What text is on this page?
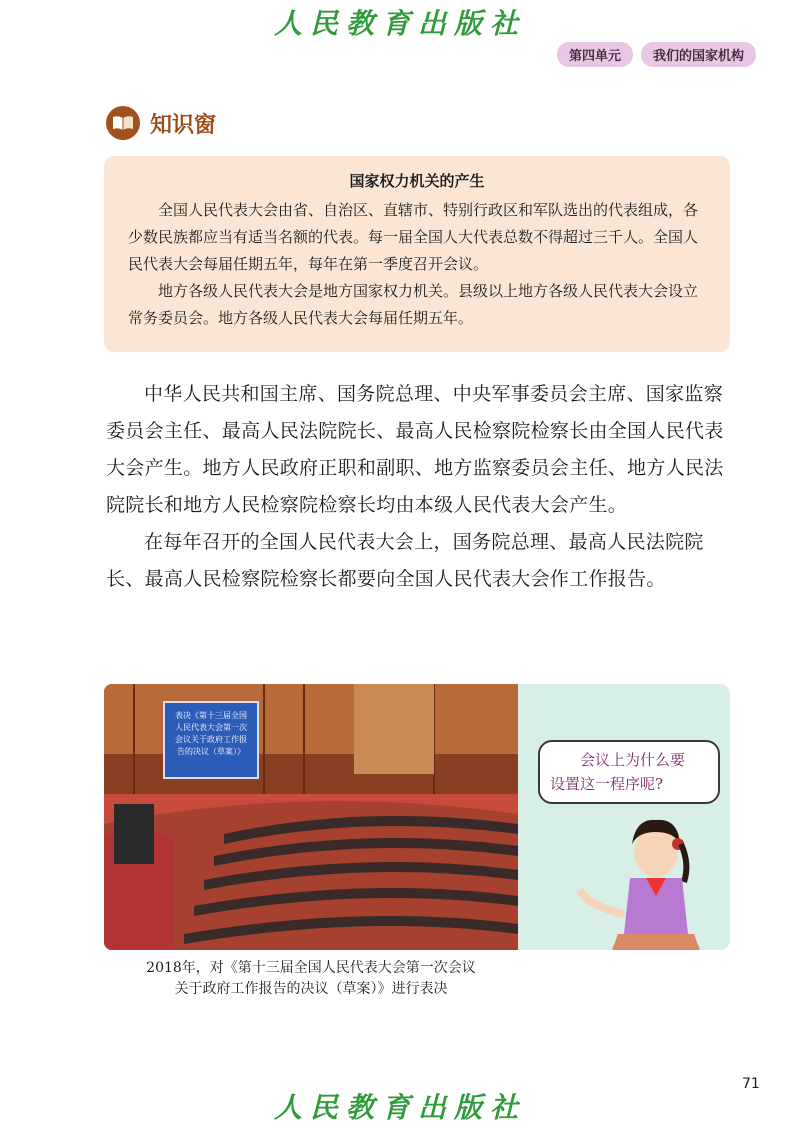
人民教育出版社
第四单元	我们的国家机构
知识窗
国家权力机关的产生

全国人民代表大会由省、自治区、直辖市、特别行政区和军队选出的代表组成，各少数民族都应当有适当名额的代表。每一届全国人大代表总数不得超过三千人。全国人民代表大会每届任期五年，每年在第一季度召开会议。

地方各级人民代表大会是地方国家权力机关。县级以上地方各级人民代表大会设立常务委员会。地方各级人民代表大会每届任期五年。

中华人民共和国主席、国务院总理、中央军事委员会主席、国家监察委员会主任、最高人民法院院长、最高人民检察院检察长由全国人民代表大会产生。地方人民政府正职和副职、地方监察委员会主任、地方人民法院院长和地方人民检察院检察长均由本级人民代表大会产生。

在每年召开的全国人民代表大会上，国务院总理、最高人民法院院长、最高人民检察院检察长都要向全国人民代表大会作工作报告。

表决《第十三届全国
人民代表大会第一次
会议关于政府工作报
告的决议（草案）》	会议上为什么要
设置这一程序呢?
2018年，对《第十三届全国人民代表大会第一次会议
关于政府工作报告的决议（草案）》进行表决
71
人民教育出版社
